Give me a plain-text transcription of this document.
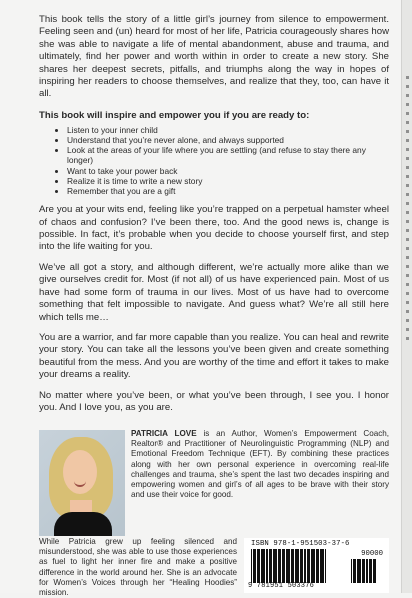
This book tells the story of a little girl’s journey from silence to empowerment. Feeling seen and (un) heard for most of her life, Patricia courageously shares how she was able to navigate a life of mental abandonment, abuse and trauma, and ultimately, find her power and worth within in order to create a new story. She shares her deepest secrets, pitfalls, and triumphs along the way in hopes of inspiring her readers to choose themselves, and realize that they, too, can have it all.

This book will inspire and empower you if you are ready to:

• Listen to your inner child
• Understand that you’re never alone, and always supported
• Look at the areas of your life where you are settling (and refuse to stay there any longer)
• Want to take your power back
• Realize it is time to write a new story
• Remember that you are a gift

Are you at your wits end, feeling like you’re trapped on a perpetual hamster wheel of chaos and confusion? I’ve been there, too. And the good news is, change is possible. In fact, it’s probable when you decide to choose yourself first, and step into the life waiting for you.

We’ve all got a story, and although different, we’re actually more alike than we give ourselves credit for. Most (if not all) of us have experienced pain. Most of us have had some form of trauma in our lives. Most of us have had to overcome something that felt impossible to navigate. And guess what? We’re all still here which tells me…

You are a warrior, and far more capable than you realize. You can heal and rewrite your story. You can take all the lessons you’ve been given and create something beautiful from the mess. And you are worthy of the time and effort it takes to make your dreams a reality.

No matter where you’ve been, or what you’ve been through, I see you. I honor you. And I love you, as you are.

PATRICIA LOVE is an Author, Women’s Empowerment Coach, Realtor® and Practitioner of Neurolinguistic Programming (NLP) and Emotional Freedom Technique (EFT). By combining these practices along with her own personal experience in overcoming real-life challenges and trauma, she’s spent the last two decades inspiring and empowering women and girl’s of all ages to be brave with their story and use their voice for good.

While Patricia grew up feeling silenced and misunderstood, she was able to use those experiences as fuel to light her inner fire and make a positive difference in the world around her. She is an advocate for Women’s Voices through her “Healing Hoodies” mission.

ISBN 978-1-951503-37-6
90000
9 781951 503376
